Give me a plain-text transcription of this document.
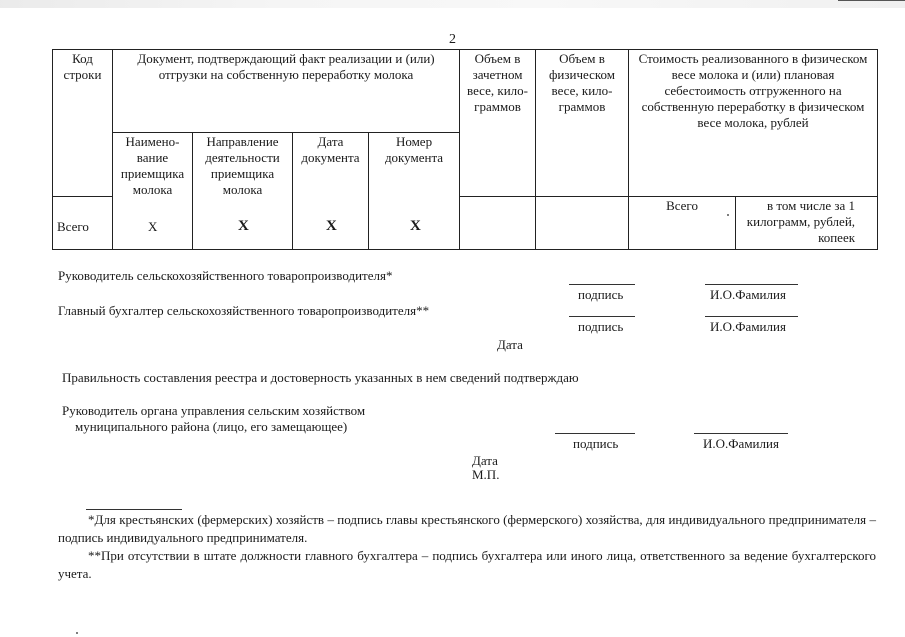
2
Код строки	Документ, подтверждающий факт реализации и (или) отгрузки на собственную переработку молока				Объем в зачетном весе, кило-граммов	Объем в физическом весе, кило-граммов	Стоимость реализованного в физическом весе молока и (или) плановая себестоимость отгруженного на собственную переработку в физическом весе молока, рублей	
	Наимено-вание приемщика молока	Направление деятельности приемщика молока	Дата документа	Номер документа				
							Всего	в том числе за 1 килограмм, рублей, копеек
Всего	X	X	X	X
Руководитель сельскохозяйственного товаропроизводителя*
подпись	И.О.Фамилия
Главный бухгалтер сельскохозяйственного товаропроизводителя**
подпись	И.О.Фамилия
Дата
Правильность составления реестра и достоверность указанных в нем сведений подтверждаю
Руководитель органа управления сельским хозяйством
муниципального района (лицо, его замещающее)
подпись	И.О.Фамилия
Дата
М.П.
*Для крестьянских (фермерских) хозяйств – подпись главы крестьянского (фермерского) хозяйства, для индивидуального предпринимателя – подпись индивидуального предпринимателя.
**При отсутствии в штате должности главного бухгалтера – подпись бухгалтера или иного лица, ответственного за ведение бухгалтерского учета.
